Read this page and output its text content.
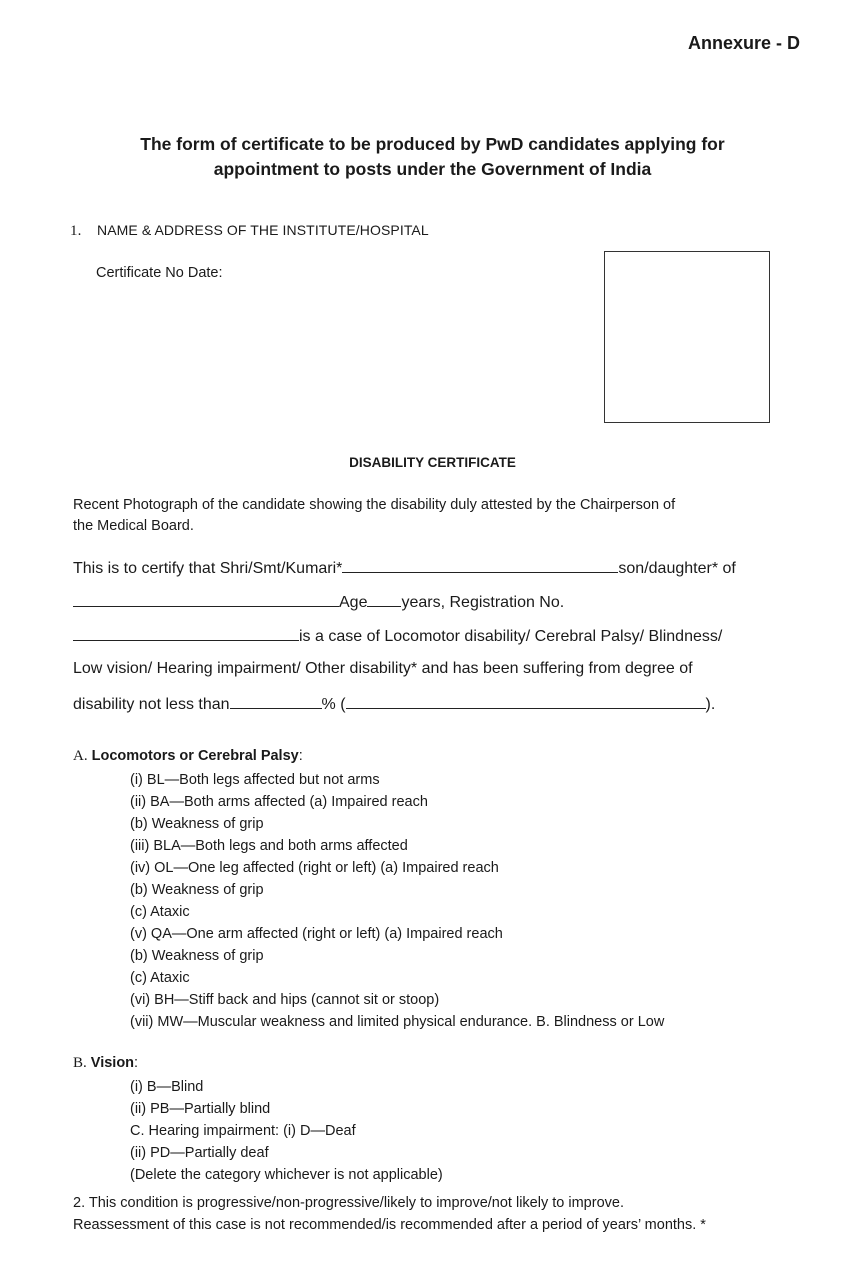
Annexure - D
The form of certificate to be produced by PwD candidates applying for
appointment to posts under the Government of India
1. NAME & ADDRESS OF THE INSTITUTE/HOSPITAL
Certificate No Date:
DISABILITY CERTIFICATE
Recent Photograph of the candidate showing the disability duly attested by the Chairperson of
the Medical Board.
This is to certify that Shri/Smt/Kumari*	son/daughter* of
Age years, Registration No.
is a case of Locomotor disability/ Cerebral Palsy/ Blindness/
Low vision/ Hearing impairment/ Other disability* and has been suffering from degree of
disability not less than	% (	).
A. Locomotors or Cerebral Palsy:
(i) BL—Both legs affected but not arms
(ii) BA—Both arms affected (a) Impaired reach
(b) Weakness of grip
(iii) BLA—Both legs and both arms affected
(iv) OL—One leg affected (right or left) (a) Impaired reach
(b) Weakness of grip
(c) Ataxic
(v) QA—One arm affected (right or left) (a) Impaired reach
(b) Weakness of grip
(c) Ataxic
(vi) BH—Stiff back and hips (cannot sit or stoop)
(vii) MW—Muscular weakness and limited physical endurance. B. Blindness or Low
B. Vision:
(i) B—Blind
(ii) PB—Partially blind
C. Hearing impairment: (i) D—Deaf
(ii) PD—Partially deaf
(Delete the category whichever is not applicable)
2. This condition is progressive/non-progressive/likely to improve/not likely to improve.
Reassessment of this case is not recommended/is recommended after a period of years’ months. *
